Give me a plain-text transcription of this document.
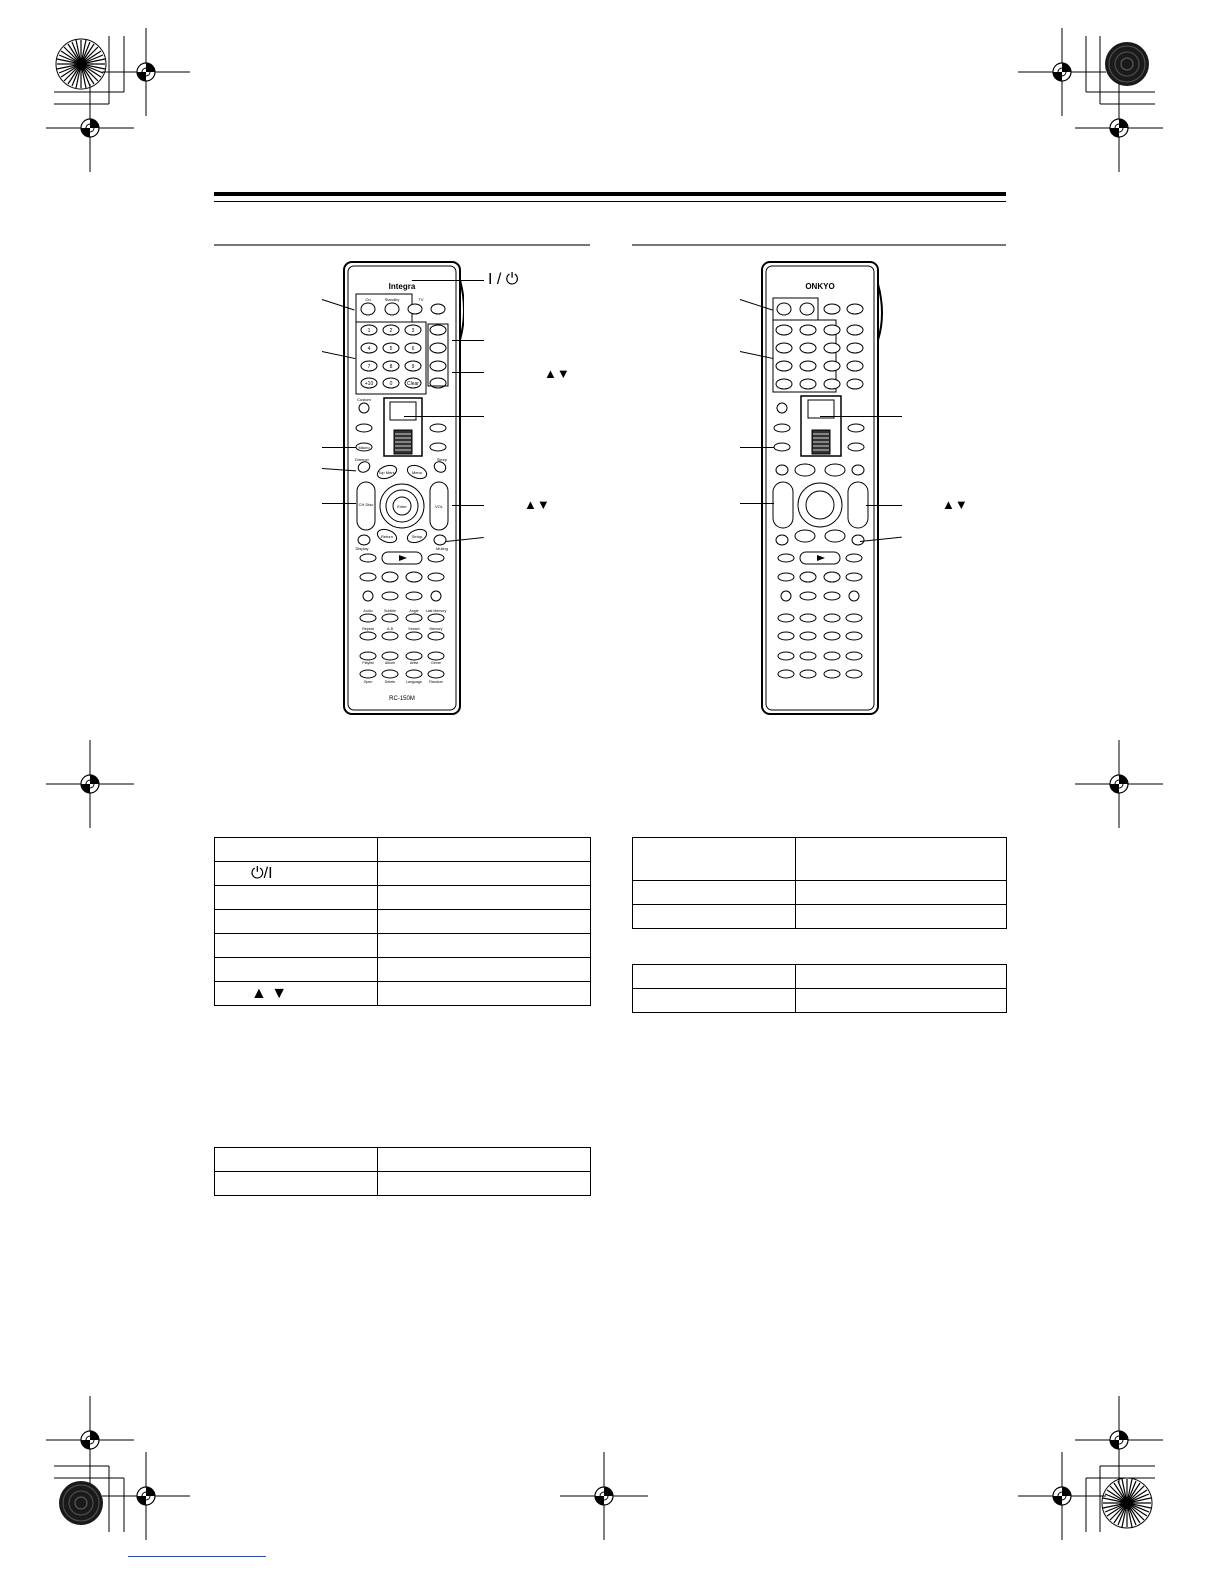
Integra
On	Standby	TV
1	2	3
4	5	6
7	8	9
+10	0	Clear
Custom
Macro
Dimmer	Sleep
Top Menu	Menu
CH Disc	VOL
Enter
Return	Setup
Display	Muting
Audio	Subtitle	Angle Last Memory
Repeat	A-B	Search	Memory
Playlist	Album	Artist	Genre
Open	Delete	Language Random
RC-150M
I / ⏻
▲▼
▲▼
ONKYO
▲▼

⏻/I	

▲ ▼	
